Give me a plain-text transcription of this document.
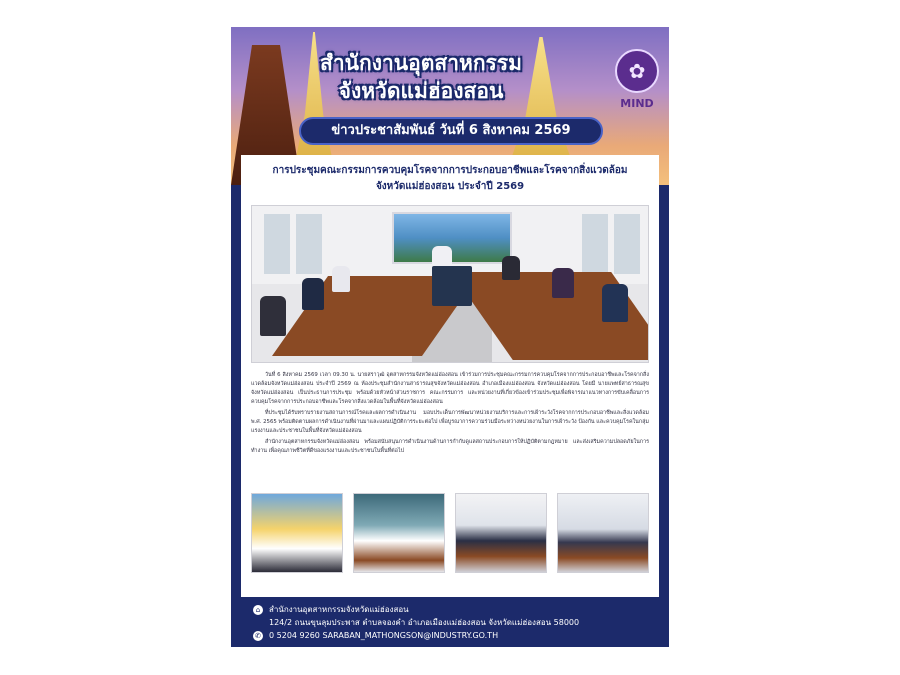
สำนักงานอุตสาหกรรม
จังหวัดแม่ฮ่องสอน
✿
MIND
ข่าวประชาสัมพันธ์ วันที่ 6 สิงหาคม 2569
การประชุมคณะกรรมการควบคุมโรคจากการประกอบอาชีพและโรคจากสิ่งแวดล้อม
จังหวัดแม่ฮ่องสอน ประจำปี 2569

วันที่ 6 สิงหาคม 2569 เวลา 09.30 น. นายสราวุฒิ อุตสาหกรรมจังหวัดแม่ฮ่องสอน เข้าร่วมการประชุมคณะกรรมการควบคุมโรคจากการประกอบอาชีพและโรคจากสิ่งแวดล้อมจังหวัดแม่ฮ่องสอน ประจำปี 2569 ณ ห้องประชุมสำนักงานสาธารณสุขจังหวัดแม่ฮ่องสอน อำเภอเมืองแม่ฮ่องสอน จังหวัดแม่ฮ่องสอน โดยมี นายแพทย์สาธารณสุขจังหวัดแม่ฮ่องสอน เป็นประธานการประชุม พร้อมด้วยหัวหน้าส่วนราชการ คณะกรรมการ และหน่วยงานที่เกี่ยวข้องเข้าร่วมประชุมเพื่อพิจารณาแนวทางการขับเคลื่อนการควบคุมโรคจากการประกอบอาชีพและโรคจากสิ่งแวดล้อมในพื้นที่จังหวัดแม่ฮ่องสอน

ที่ประชุมได้รับทราบรายงานสถานการณ์โรคและผลการดำเนินงาน มอบประเด็นการพัฒนาหน่วยงานบริการและการเฝ้าระวังโรคจากการประกอบอาชีพและสิ่งแวดล้อม พ.ศ. 2565 พร้อมติดตามผลการดำเนินงานที่ผ่านมาและแผนปฏิบัติการระยะต่อไป เพื่อบูรณาการความร่วมมือระหว่างหน่วยงานในการเฝ้าระวัง ป้องกัน และควบคุมโรคในกลุ่มแรงงานและประชาชนในพื้นที่จังหวัดแม่ฮ่องสอน

สำนักงานอุตสาหกรรมจังหวัดแม่ฮ่องสอน พร้อมสนับสนุนการดำเนินงานด้านการกำกับดูแลสถานประกอบการให้ปฏิบัติตามกฎหมาย และส่งเสริมความปลอดภัยในการทำงาน เพื่อคุณภาพชีวิตที่ดีของแรงงานและประชาชนในพื้นที่ต่อไป

⌂	สำนักงานอุตสาหกรรมจังหวัดแม่ฮ่องสอน
124/2 ถนนขุนลุมประพาส ตำบลจองคำ อำเภอเมืองแม่ฮ่องสอน จังหวัดแม่ฮ่องสอน 58000
✆ 0 5204 9260 SARABAN_MATHONGSON@INDUSTRY.GO.TH
